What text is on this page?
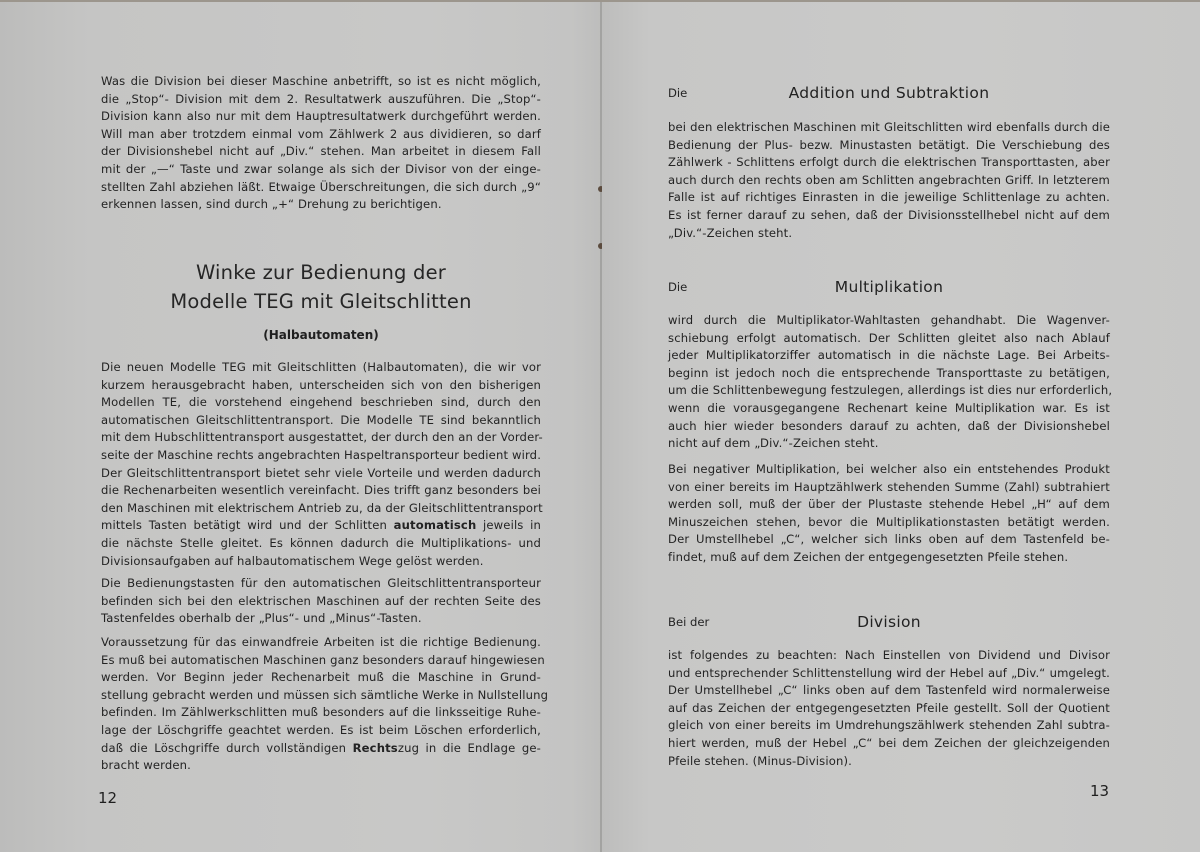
Was die Division bei dieser Maschine anbetrifft, so ist es nicht möglich,
die „Stop“- Division mit dem 2. Resultatwerk auszuführen. Die „Stop“-
Division kann also nur mit dem Hauptresultatwerk durchgeführt werden.
Will man aber trotzdem einmal vom Zählwerk 2 aus dividieren, so darf
der Divisionshebel nicht auf „Div.“ stehen. Man arbeitet in diesem Fall
mit der „—“ Taste und zwar solange als sich der Divisor von der einge-
stellten Zahl abziehen läßt. Etwaige Überschreitungen, die sich durch „9“
erkennen lassen, sind durch „+“ Drehung zu berichtigen.
Winke zur Bedienung der
Modelle TEG mit Gleitschlitten
(Halbautomaten)
Die neuen Modelle TEG mit Gleitschlitten (Halbautomaten), die wir vor
kurzem herausgebracht haben, unterscheiden sich von den bisherigen
Modellen TE, die vorstehend eingehend beschrieben sind, durch den
automatischen Gleitschlittentransport. Die Modelle TE sind bekanntlich
mit dem Hubschlittentransport ausgestattet, der durch den an der Vorder-
seite der Maschine rechts angebrachten Haspeltransporteur bedient wird.
Der Gleitschlittentransport bietet sehr viele Vorteile und werden dadurch
die Rechenarbeiten wesentlich vereinfacht. Dies trifft ganz besonders bei
den Maschinen mit elektrischem Antrieb zu, da der Gleitschlittentransport
mittels Tasten betätigt wird und der Schlitten automatisch jeweils in
die nächste Stelle gleitet. Es können dadurch die Multiplikations- und
Divisionsaufgaben auf halbautomatischem Wege gelöst werden.
Die Bedienungstasten für den automatischen Gleitschlittentransporteur
befinden sich bei den elektrischen Maschinen auf der rechten Seite des
Tastenfeldes oberhalb der „Plus“- und „Minus“-Tasten.
Voraussetzung für das einwandfreie Arbeiten ist die richtige Bedienung.
Es muß bei automatischen Maschinen ganz besonders darauf hingewiesen
werden. Vor Beginn jeder Rechenarbeit muß die Maschine in Grund-
stellung gebracht werden und müssen sich sämtliche Werke in Nullstellung
befinden. Im Zählwerkschlitten muß besonders auf die linksseitige Ruhe-
lage der Löschgriffe geachtet werden. Es ist beim Löschen erforderlich,
daß die Löschgriffe durch vollständigen Rechtszug in die Endlage ge-
bracht werden.
12
Die	Addition und Subtraktion
bei den elektrischen Maschinen mit Gleitschlitten wird ebenfalls durch die
Bedienung der Plus- bezw. Minustasten betätigt. Die Verschiebung des
Zählwerk - Schlittens erfolgt durch die elektrischen Transporttasten, aber
auch durch den rechts oben am Schlitten angebrachten Griff. In letzterem
Falle ist auf richtiges Einrasten in die jeweilige Schlittenlage zu achten.
Es ist ferner darauf zu sehen, daß der Divisionsstellhebel nicht auf dem
„Div.“-Zeichen steht.
Die	Multiplikation
wird durch die Multiplikator-Wahltasten gehandhabt. Die Wagenver-
schiebung erfolgt automatisch. Der Schlitten gleitet also nach Ablauf
jeder Multiplikatorziffer automatisch in die nächste Lage. Bei Arbeits-
beginn ist jedoch noch die entsprechende Transporttaste zu betätigen,
um die Schlittenbewegung festzulegen, allerdings ist dies nur erforderlich,
wenn die vorausgegangene Rechenart keine Multiplikation war. Es ist
auch hier wieder besonders darauf zu achten, daß der Divisionshebel
nicht auf dem „Div.“-Zeichen steht.
Bei negativer Multiplikation, bei welcher also ein entstehendes Produkt
von einer bereits im Hauptzählwerk stehenden Summe (Zahl) subtrahiert
werden soll, muß der über der Plustaste stehende Hebel „H“ auf dem
Minuszeichen stehen, bevor die Multiplikationstasten betätigt werden.
Der Umstellhebel „C“, welcher sich links oben auf dem Tastenfeld be-
findet, muß auf dem Zeichen der entgegengesetzten Pfeile stehen.
Bei der	Division
ist folgendes zu beachten: Nach Einstellen von Dividend und Divisor
und entsprechender Schlittenstellung wird der Hebel auf „Div.“ umgelegt.
Der Umstellhebel „C“ links oben auf dem Tastenfeld wird normalerweise
auf das Zeichen der entgegengesetzten Pfeile gestellt. Soll der Quotient
gleich von einer bereits im Umdrehungszählwerk stehenden Zahl subtra-
hiert werden, muß der Hebel „C“ bei dem Zeichen der gleichzeigenden
Pfeile stehen. (Minus-Division).
13
